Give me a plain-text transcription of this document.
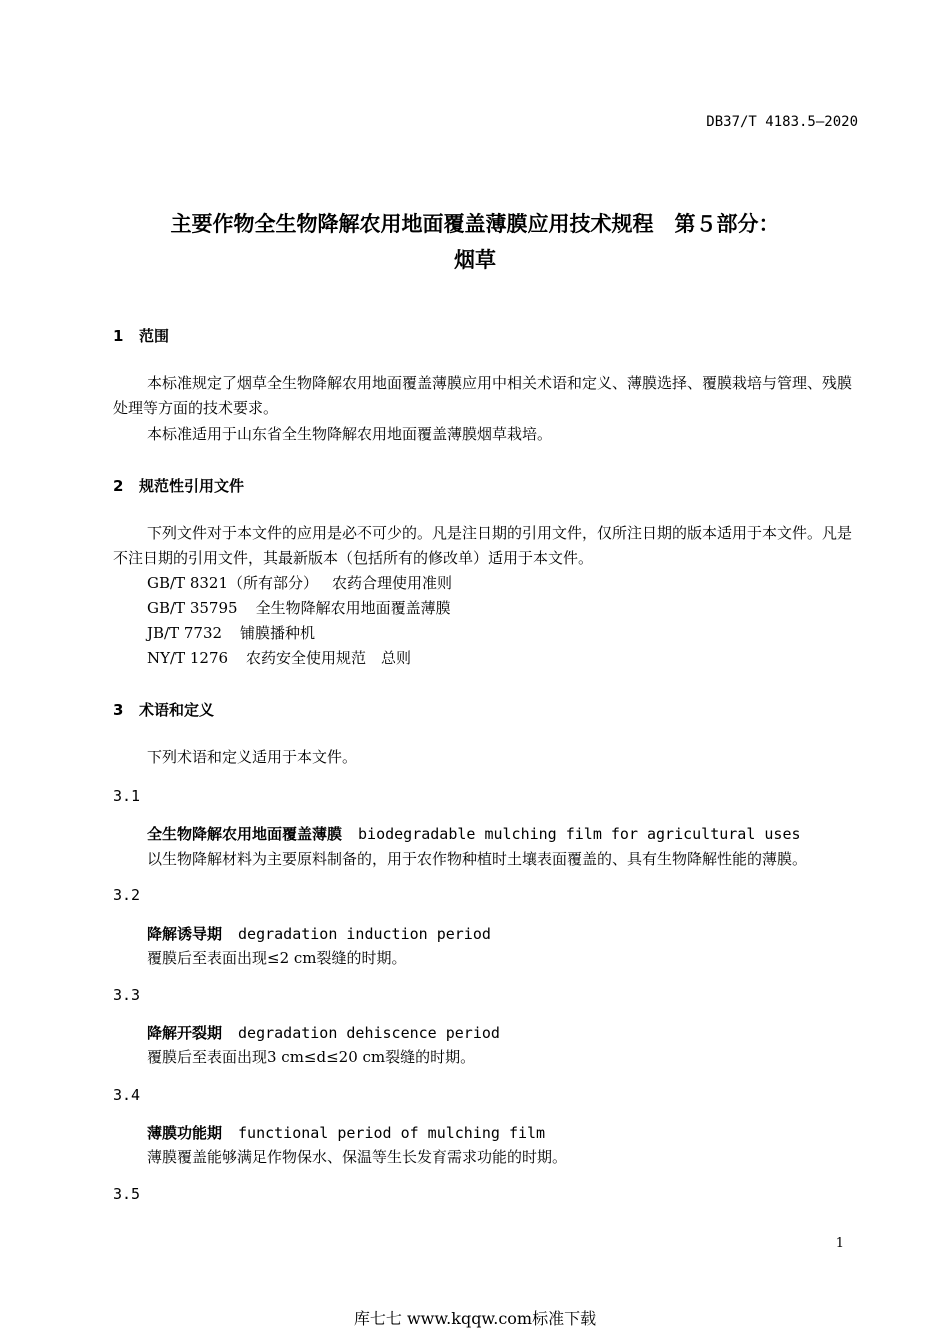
DB37/T 4183.5—2020
主要作物全生物降解农用地面覆盖薄膜应用技术规程　第５部分：
烟草
1 范围
本标准规定了烟草全生物降解农用地面覆盖薄膜应用中相关术语和定义、薄膜选择、覆膜栽培与管理、残膜处理等方面的技术要求。
本标准适用于山东省全生物降解农用地面覆盖薄膜烟草栽培。
2 规范性引用文件
下列文件对于本文件的应用是必不可少的。凡是注日期的引用文件，仅所注日期的版本适用于本文件。凡是不注日期的引用文件，其最新版本（包括所有的修改单）适用于本文件。
GB/T 8321（所有部分） 农药合理使用准则
GB/T 35795 全生物降解农用地面覆盖薄膜
JB/T 7732 铺膜播种机
NY/T 1276 农药安全使用规范　总则
3 术语和定义
下列术语和定义适用于本文件。
3.1
全生物降解农用地面覆盖薄膜 biodegradable mulching film for agricultural uses
以生物降解材料为主要原料制备的，用于农作物种植时土壤表面覆盖的、具有生物降解性能的薄膜。
3.2
降解诱导期 degradation induction period
覆膜后至表面出现≤2 cm裂缝的时期。
3.3
降解开裂期 degradation dehiscence period
覆膜后至表面出现3 cm≤d≤20 cm裂缝的时期。
3.4
薄膜功能期 functional period of mulching film
薄膜覆盖能够满足作物保水、保温等生长发育需求功能的时期。
3.5
1
库七七 www.kqqw.com标准下载
